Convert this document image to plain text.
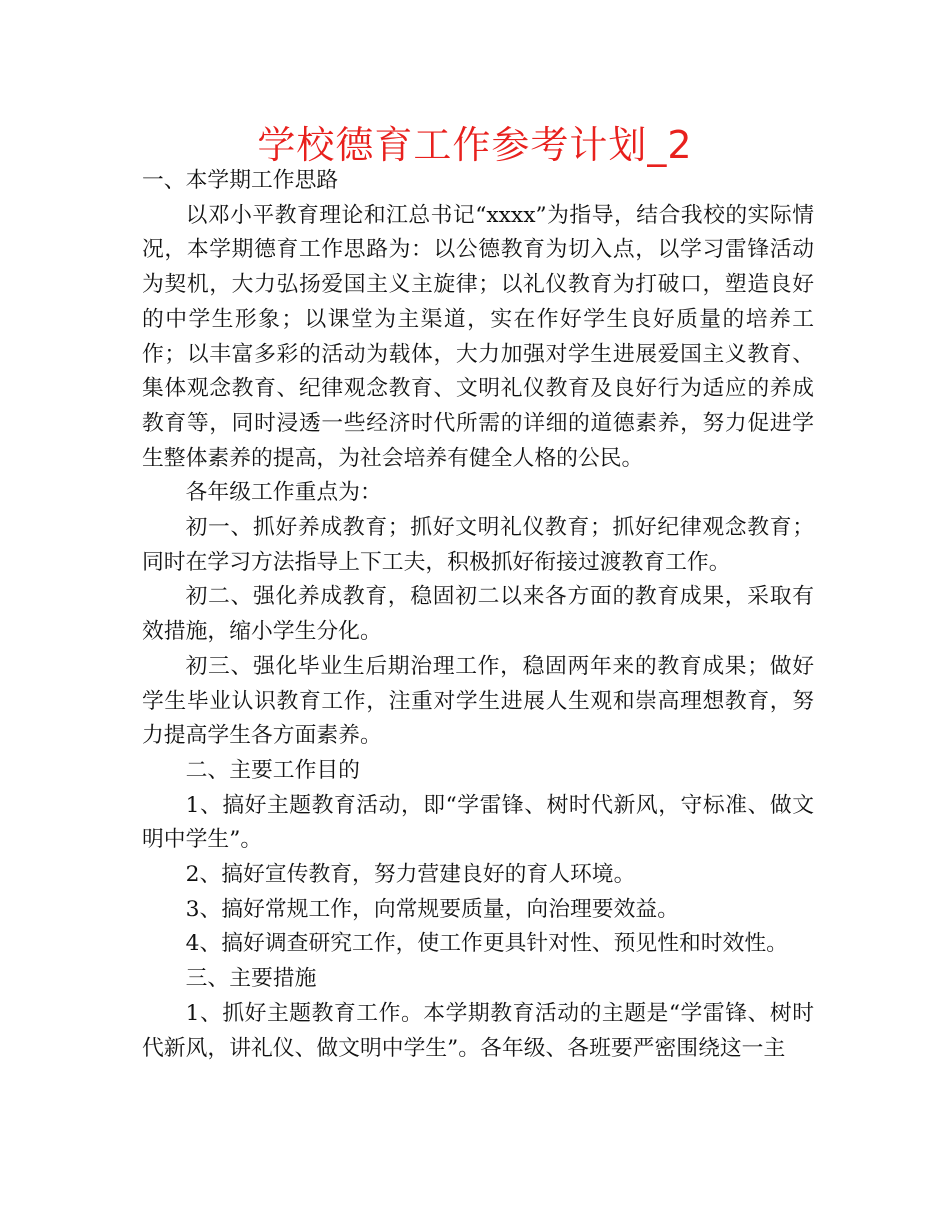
学校德育工作参考计划_2

一、本学期工作思路

以邓小平教育理论和江总书记“xxxx”为指导，结合我校的实际情况，本学期德育工作思路为：以公德教育为切入点，以学习雷锋活动为契机，大力弘扬爱国主义主旋律；以礼仪教育为打破口，塑造良好的中学生形象；以课堂为主渠道，实在作好学生良好质量的培养工作；以丰富多彩的活动为载体，大力加强对学生进展爱国主义教育、集体观念教育、纪律观念教育、文明礼仪教育及良好行为适应的养成教育等，同时浸透一些经济时代所需的详细的道德素养，努力促进学生整体素养的提高，为社会培养有健全人格的公民。

各年级工作重点为：

初一、抓好养成教育；抓好文明礼仪教育；抓好纪律观念教育；同时在学习方法指导上下工夫，积极抓好衔接过渡教育工作。

初二、强化养成教育，稳固初二以来各方面的教育成果，采取有效措施，缩小学生分化。

初三、强化毕业生后期治理工作，稳固两年来的教育成果；做好学生毕业认识教育工作，注重对学生进展人生观和崇高理想教育，努力提高学生各方面素养。

二、主要工作目的

1、搞好主题教育活动，即“学雷锋、树时代新风，守标准、做文明中学生”。

2、搞好宣传教育，努力营建良好的育人环境。

3、搞好常规工作，向常规要质量，向治理要效益。

4、搞好调查研究工作，使工作更具针对性、预见性和时效性。

三、主要措施

1、抓好主题教育工作。本学期教育活动的主题是“学雷锋、树时代新风，讲礼仪、做文明中学生”。各年级、各班要严密围绕这一主
